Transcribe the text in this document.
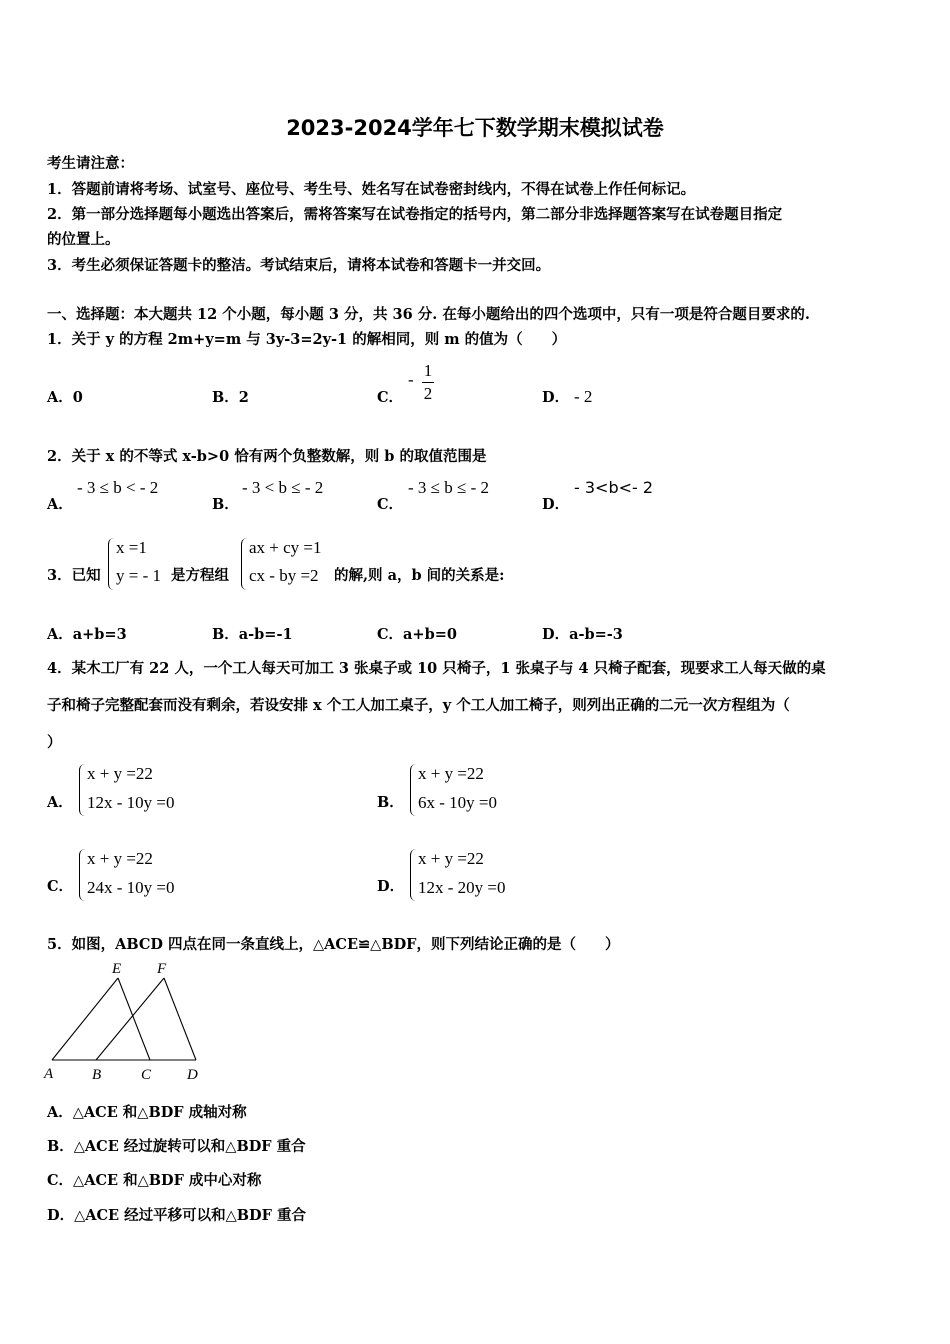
2023-2024学年七下数学期末模拟试卷
考生请注意：
1．答题前请将考场、试室号、座位号、考生号、姓名写在试卷密封线内，不得在试卷上作任何标记。
2．第一部分选择题每小题选出答案后，需将答案写在试卷指定的括号内，第二部分非选择题答案写在试卷题目指定
的位置上。
3．考生必须保证答题卡的整洁。考试结束后，请将本试卷和答题卡一并交回。
一、选择题：本大题共 12 个小题，每小题 3 分，共 36 分. 在每小题给出的四个选项中，只有一项是符合题目要求的.
1．关于 y 的方程 2m+y=m 与 3y-3=2y-1 的解相同，则 m 的值为（　　）
A．0	B．2	C．
- 1
2	D． - 2
2．关于 x 的不等式 x-b>0 恰有两个负整数解，则 b 的取值范围是
A．
- 3 ≤ b < - 2
B．
- 3 < b ≤ - 2
C．
- 3 ≤ b ≤ - 2
D．
- 3<b<- 2
3．已知
x =1
y = - 1 是方程组
ax + cy =1
cx - by =2 的解,则 a，b 间的关系是:
A．a+b=3	B．a-b=-1	C．a+b=0	D．a-b=-3
4．某木工厂有 22 人，一个工人每天可加工 3 张桌子或 10 只椅子，1 张桌子与 4 只椅子配套，现要求工人每天做的桌
子和椅子完整配套而没有剩余，若设安排 x 个工人加工桌子，y 个工人加工椅子，则列出正确的二元一次方程组为（
）
A．
x + y =22
12x - 10y =0	B．
x + y =22
6x - 10y =0
C．
x + y =22
24x - 10y =0	D．
x + y =22
12x - 20y =0
5．如图，ABCD 四点在同一条直线上，△ACE≌△BDF，则下列结论正确的是（　　）
E F
A	B	C D
A．△ACE 和△BDF 成轴对称
B．△ACE 经过旋转可以和△BDF 重合
C．△ACE 和△BDF 成中心对称
D．△ACE 经过平移可以和△BDF 重合
